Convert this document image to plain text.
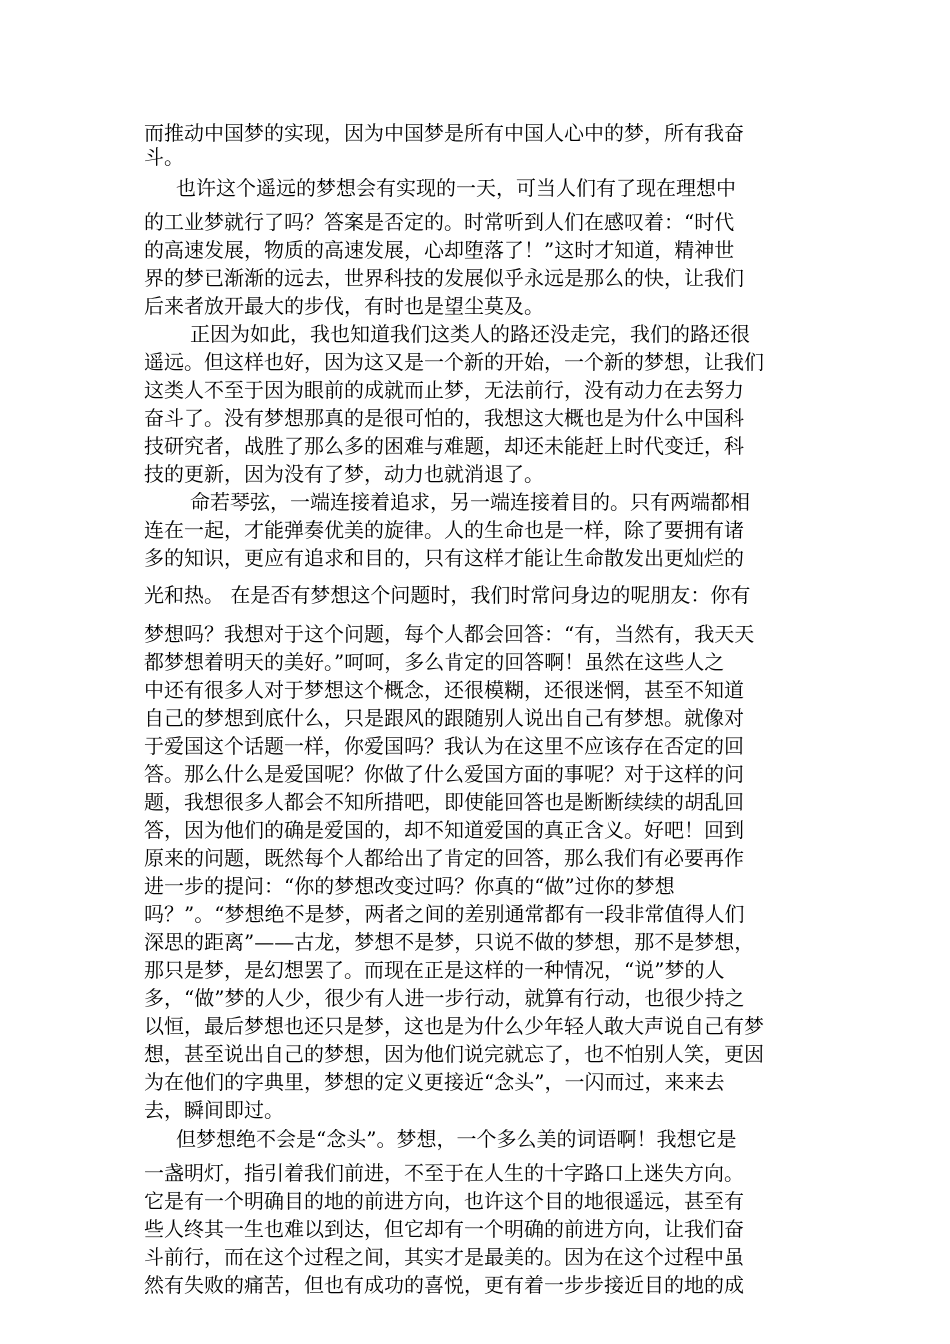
而推动中国梦的实现，因为中国梦是所有中国人心中的梦，所有我奋

斗。

也许这个遥远的梦想会有实现的一天，可当人们有了现在理想中

的工业梦就行了吗？答案是否定的。时常听到人们在感叹着：“时代

的高速发展，物质的高速发展，心却堕落了！”这时才知道，精神世

界的梦已渐渐的远去，世界科技的发展似乎永远是那么的快，让我们

后来者放开最大的步伐，有时也是望尘莫及。

正因为如此，我也知道我们这类人的路还没走完，我们的路还很

遥远。但这样也好，因为这又是一个新的开始，一个新的梦想，让我们

这类人不至于因为眼前的成就而止梦，无法前行，没有动力在去努力

奋斗了。没有梦想那真的是很可怕的，我想这大概也是为什么中国科

技研究者，战胜了那么多的困难与难题，却还未能赶上时代变迁，科

技的更新，因为没有了梦，动力也就消退了。

命若琴弦，一端连接着追求，另一端连接着目的。只有两端都相

连在一起，才能弹奏优美的旋律。人的生命也是一样，除了要拥有诸

多的知识，更应有追求和目的，只有这样才能让生命散发出更灿烂的

光和热。 在是否有梦想这个问题时，我们时常问身边的呢朋友：你有

梦想吗？我想对于这个问题，每个人都会回答：“有，当然有，我天天

都梦想着明天的美好。”呵呵，多么肯定的回答啊！虽然在这些人之

中还有很多人对于梦想这个概念，还很模糊，还很迷惘，甚至不知道

自己的梦想到底什么，只是跟风的跟随别人说出自己有梦想。就像对

于爱国这个话题一样，你爱国吗？我认为在这里不应该存在否定的回

答。那么什么是爱国呢？你做了什么爱国方面的事呢？对于这样的问

题，我想很多人都会不知所措吧，即使能回答也是断断续续的胡乱回

答，因为他们的确是爱国的，却不知道爱国的真正含义。好吧！回到

原来的问题，既然每个人都给出了肯定的回答，那么我们有必要再作

进一步的提问：“你的梦想改变过吗？你真的“做”过你的梦想

吗？”。“梦想绝不是梦，两者之间的差别通常都有一段非常值得人们

深思的距离”——古龙，梦想不是梦，只说不做的梦想，那不是梦想，

那只是梦，是幻想罢了。而现在正是这样的一种情况，“说”梦的人

多，“做”梦的人少，很少有人进一步行动，就算有行动，也很少持之

以恒，最后梦想也还只是梦，这也是为什么少年轻人敢大声说自己有梦

想，甚至说出自己的梦想，因为他们说完就忘了，也不怕别人笑，更因

为在他们的字典里，梦想的定义更接近“念头”，一闪而过，来来去

去，瞬间即过。

但梦想绝不会是“念头”。梦想，一个多么美的词语啊！我想它是

一盏明灯，指引着我们前进，不至于在人生的十字路口上迷失方向。

它是有一个明确目的地的前进方向，也许这个目的地很遥远，甚至有

些人终其一生也难以到达，但它却有一个明确的前进方向，让我们奋

斗前行，而在这个过程之间，其实才是最美的。因为在这个过程中虽

然有失败的痛苦，但也有成功的喜悦，更有着一步步接近目的地的成
